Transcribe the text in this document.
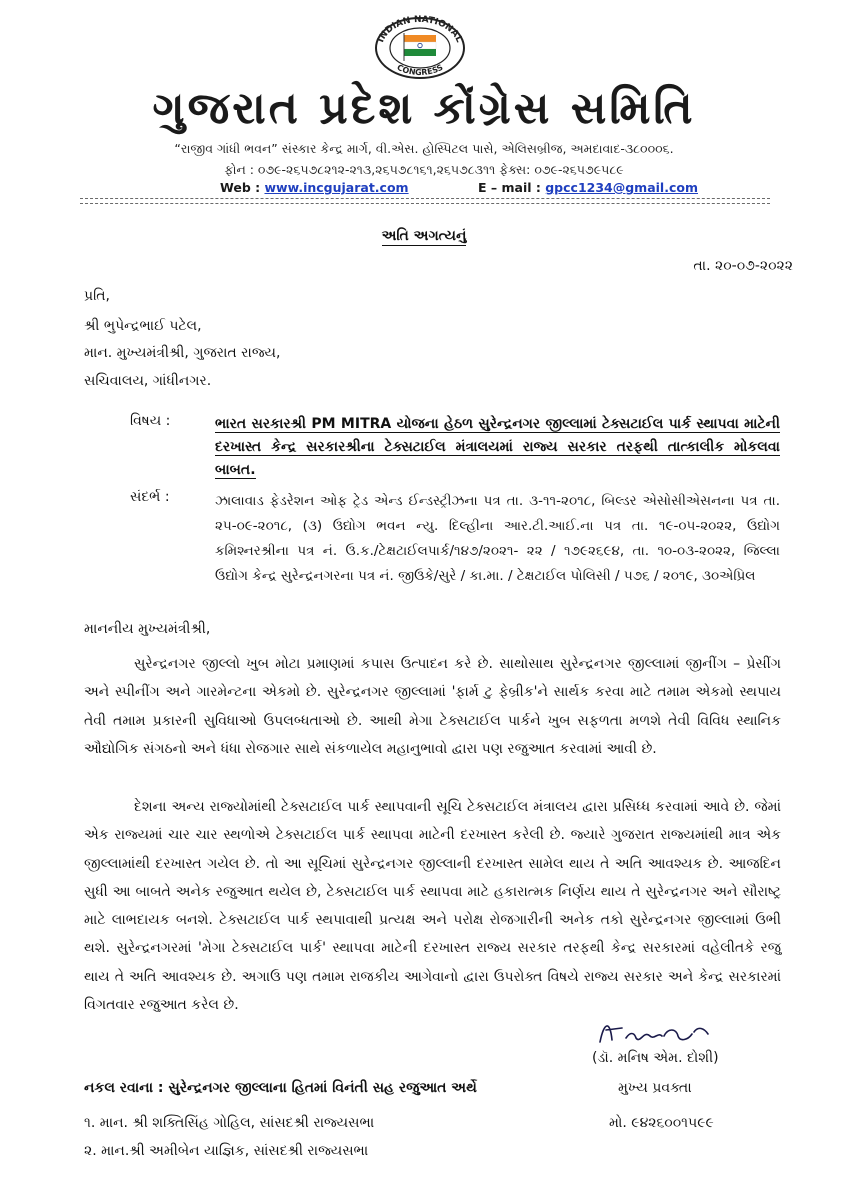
INDIAN NATIONAL
CONGRESS
ગુજરાત પ્રદેશ કોંગ્રેસ સમિતિ
“રાજીવ ગાંધી ભવન” સંસ્કાર કેન્દ્ર માર્ગ, વી.એસ. હોસ્પિટલ પાસે, એલિસબ્રીજ, અમદાવાદ-૩૮૦૦૦૬.
ફોન : ૦૭૯-૨૬૫૭૮૨૧૨-૨૧૩,૨૬૫૭૮૧૬૧,૨૬૫૭૮૩૧૧ ફેક્સ: ૦૭૯-૨૬૫૭૯૫૮૯
Web : www.incgujarat.com	E – mail : gpcc1234@gmail.com
અતિ અગત્યનું
તા. ૨૦-૦૭-૨૦૨૨
પ્રતિ,
શ્રી ભુપેન્દ્રભાઈ પટેલ,
માન. મુખ્યમંત્રીશ્રી, ગુજરાત રાજ્ય,
સચિવાલય, ગાંધીનગર.
વિષય :	ભારત સરકારશ્રી PM MITRA યોજના હેઠળ સુરેન્દ્રનગર જીલ્લામાં ટેક્સટાઈલ પાર્ક સ્થાપવા માટેની દરખાસ્ત કેન્દ્ર સરકારશ્રીના ટેક્સટાઈલ મંત્રાલયમાં રાજ્ય સરકાર તરફથી તાત્કાલીક મોકલવા બાબત.
સંદર્ભ :	ઝાલાવાડ ફેડરેશન ઓફ ટ્રેડ એન્ડ ઈન્ડસ્ટ્રીઝના પત્ર તા. ૩-૧૧-૨૦૧૮, બિલ્ડર એસોસીએસનના પત્ર તા. ૨૫-૦૯-૨૦૧૮, (૩) ઉદ્યોગ ભવન ન્યુ. દિલ્હીના આર.ટી.આઈ.ના પત્ર તા. ૧૯-૦૫-૨૦૨૨, ઉદ્યોગ કમિશ્નરશ્રીના પત્ર નં. ઉ.ક./ટેક્ષટાઈલપાર્ક/૧૪૭/૨૦૨૧- ૨૨ / ૧૭૯૨૬૯૪, તા. ૧૦-૦૩-૨૦૨૨, જિલ્લા ઉદ્યોગ કેન્દ્ર સુરેન્દ્રનગરના પત્ર નં. જીઉકે/સુરે / કા.મા. / ટેક્ષટાઈલ પોલિસી / ૫૭૬ / ૨૦૧૯, ૩૦એપ્રિલ
માનનીય મુખ્યમંત્રીશ્રી,
સુરેન્દ્રનગર જીલ્લો ખુબ મોટા પ્રમાણમાં કપાસ ઉત્પાદન કરે છે. સાથોસાથ સુરેન્દ્રનગર જીલ્લામાં જીનીંગ – પ્રેસીંગ અને સ્પીનીંગ અને ગારમેન્ટના એકમો છે. સુરેન્દ્રનગર જીલ્લામાં 'ફાર્મ ટુ ફેબ્રીક'ને સાર્થક કરવા માટે તમામ એકમો સ્થપાય તેવી તમામ પ્રકારની સુવિધાઓ ઉપલબ્ધતાઓ છે. આથી મેગા ટેક્સટાઈલ પાર્કને ખુબ સફળતા મળશે તેવી વિવિધ સ્થાનિક ઔદ્યોગિક સંગઠનો અને ધંધા રોજગાર સાથે સંકળાયેલ મહાનુભાવો દ્વારા પણ રજુઆત કરવામાં આવી છે.
દેશના અન્ય રાજ્યોમાંથી ટેક્સટાઈલ પાર્ક સ્થાપવાની સૂચિ ટેક્સટાઈલ મંત્રાલય દ્વારા પ્રસિધ્ધ કરવામાં આવે છે. જેમાં એક રાજ્યમાં ચાર ચાર સ્થળોએ ટેક્સટાઈલ પાર્ક સ્થાપવા માટેની દરખાસ્ત કરેલી છે. જ્યારે ગુજરાત રાજ્યમાંથી માત્ર એક જીલ્લામાંથી દરખાસ્ત ગયેલ છે. તો આ સૂચિમાં સુરેન્દ્રનગર જીલ્લાની દરખાસ્ત સામેલ થાય તે અતિ આવશ્યક છે. આજદિન સુધી આ બાબતે અનેક રજુઆત થયેલ છે, ટેક્સટાઈલ પાર્ક સ્થાપવા માટે હકારાત્મક નિર્ણય થાય તે સુરેન્દ્રનગર અને સૌરાષ્ટ્ર માટે લાભદાયક બનશે. ટેક્સટાઈલ પાર્ક સ્થપાવાથી પ્રત્યક્ષ અને પરોક્ષ રોજગારીની અનેક તકો સુરેન્દ્રનગર જીલ્લામાં ઉભી થશે. સુરેન્દ્રનગરમાં 'મેગા ટેક્સટાઈલ પાર્ક' સ્થાપવા માટેની દરખાસ્ત રાજ્ય સરકાર તરફથી કેન્દ્ર સરકારમાં વહેલીતકે રજુ થાય તે અતિ આવશ્યક છે. અગાઉ પણ તમામ રાજકીય આગેવાનો દ્વારા ઉપરોક્ત વિષયે રાજ્ય સરકાર અને કેન્દ્ર સરકારમાં વિગતવાર રજુઆત કરેલ છે.
(ડૉ. મનિષ એમ. દોશી)
મુખ્ય પ્રવક્તા
મો. ૯૪૨૬૦૦૧૫૯૯
નકલ રવાના : સુરેન્દ્રનગર જીલ્લાના હિતમાં વિનંતી સહ રજુઆત અર્થે
૧. માન. શ્રી શક્તિસિંહ ગોહિલ, સાંસદશ્રી રાજ્યસભા
૨. માન.શ્રી અમીબેન યાજ્ઞિક, સાંસદશ્રી રાજ્યસભા
